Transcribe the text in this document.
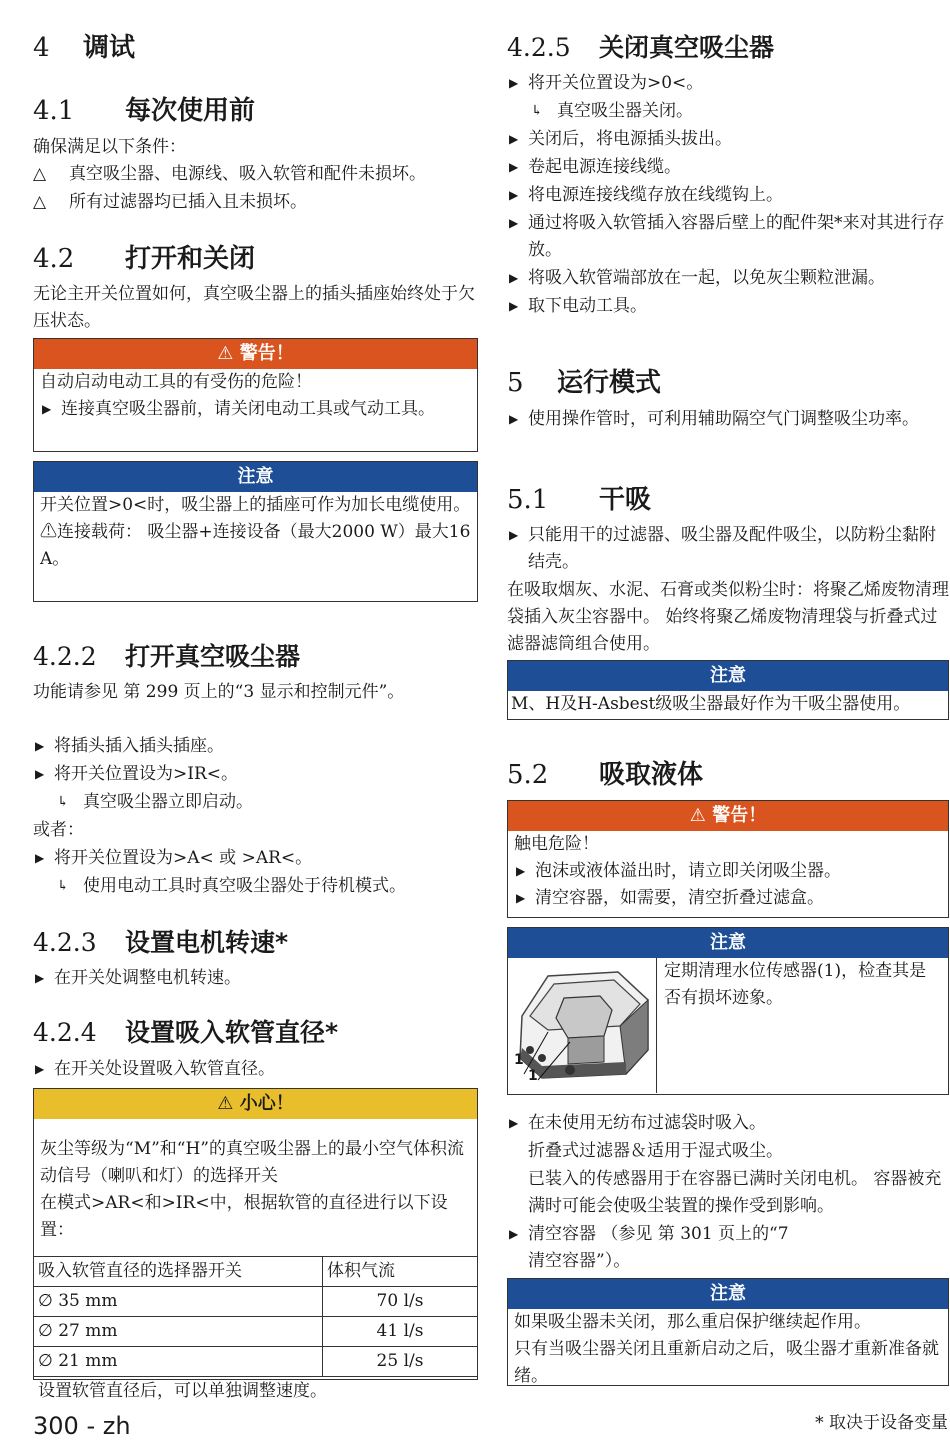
4	调试
4.1	每次使用前
确保满足以下条件：
△ 真空吸尘器、电源线、吸入软管和配件未损坏。
△ 所有过滤器均已插入且未损坏。
4.2	打开和关闭
无论主开关位置如何，真空吸尘器上的插头插座始终处于欠压状态。
⚠ 警告！
自动启动电动工具的有受伤的危险！
▶ 连接真空吸尘器前，请关闭电动工具或气动工具。
注意
开关位置>0<时，吸尘器上的插座可作为加长电缆使用。
⚠连接载荷： 吸尘器+连接设备（最大2000 W）最大16 A。
4.2.2	打开真空吸尘器
功能请参见 第 299 页上的“3 显示和控制元件”。
▶ 将插头插入插头插座。
▶ 将开关位置设为>IR<。
↳ 真空吸尘器立即启动。
或者：
▶ 将开关位置设为>A< 或 >AR<。
↳ 使用电动工具时真空吸尘器处于待机模式。
4.2.3	设置电机转速*
▶ 在开关处调整电机转速。
4.2.4	设置吸入软管直径*
▶ 在开关处设置吸入软管直径。
⚠ 小心！
灰尘等级为“M”和“H”的真空吸尘器上的最小空气体积流动信号（喇叭和灯）的选择开关
在模式>AR<和>IR<中，根据软管的直径进行以下设置：
吸入软管直径的选择器开关	体积气流
∅ 35 mm	70 l/s
∅ 27 mm	41 l/s
∅ 21 mm	25 l/s
设置软管直径后，可以单独调整速度。	
4.2.5	关闭真空吸尘器
▶ 将开关位置设为>0<。
↳ 真空吸尘器关闭。
▶ 关闭后，将电源插头拔出。
▶ 卷起电源连接线缆。
▶ 将电源连接线缆存放在线缆钩上。
▶ 通过将吸入软管插入容器后壁上的配件架*来对其进行存放。
▶ 将吸入软管端部放在一起，以免灰尘颗粒泄漏。
▶ 取下电动工具。
5	运行模式
▶ 使用操作管时，可利用辅助隔空气门调整吸尘功率。
5.1	干吸
▶ 只能用干的过滤器、吸尘器及配件吸尘，以防粉尘黏附结壳。
在吸取烟灰、水泥、石膏或类似粉尘时：将聚乙烯废物清理袋插入灰尘容器中。 始终将聚乙烯废物清理袋与折叠式过滤器滤筒组合使用。
注意
M、H及H-Asbest级吸尘器最好作为干吸尘器使用。
5.2	吸取液体
⚠ 警告！
触电危险！
▶ 泡沫或液体溢出时，请立即关闭吸尘器。
▶ 清空容器，如需要，清空折叠过滤盒。
注意
1
1
定期清理水位传感器(1)，检查其是否有损坏迹象。
▶ 在未使用无纺布过滤袋时吸入。
折叠式过滤器＆适用于湿式吸尘。
已装入的传感器用于在容器已满时关闭电机。 容器被充满时可能会使吸尘装置的操作受到影响。
▶ 清空容器 （参见 第 301 页上的“7 清空容器”）。
注意
如果吸尘器未关闭，那么重启保护继续起作用。
只有当吸尘器关闭且重新启动之后，吸尘器才重新准备就绪。
300 - zh	* 取决于设备变量
